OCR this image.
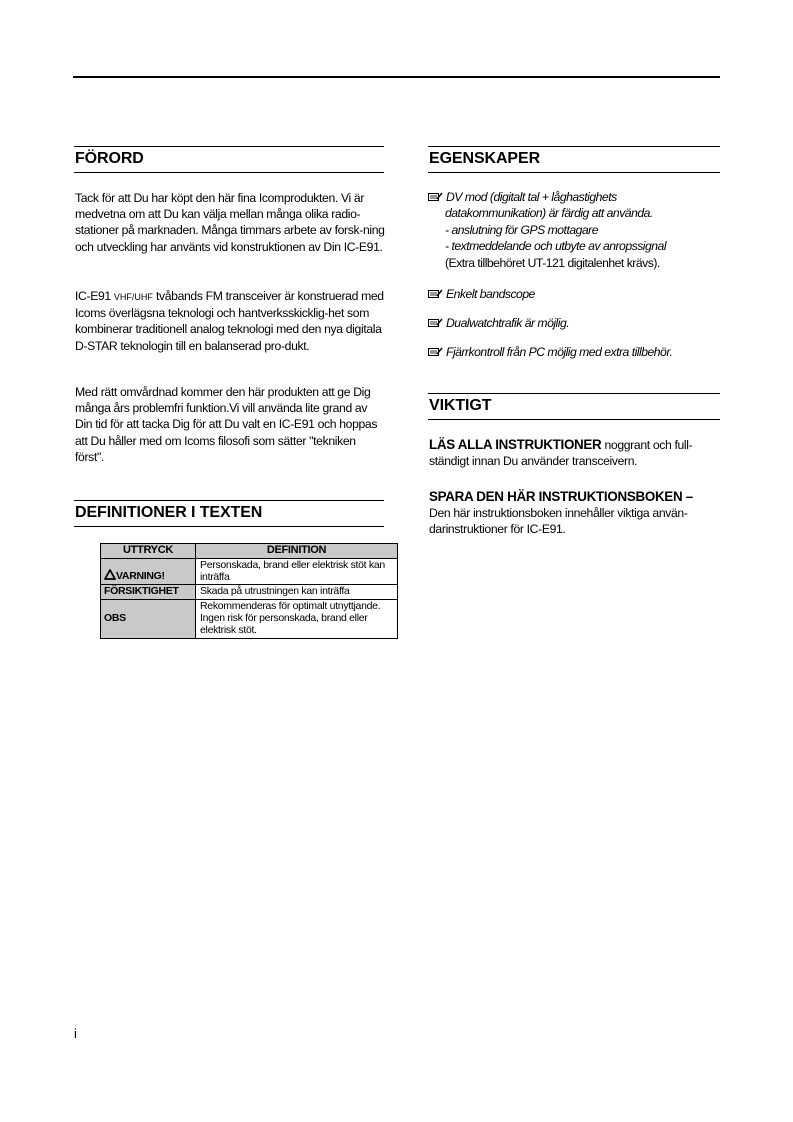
FÖRORD

Tack för att Du har köpt den här fina Icomprodukten. Vi är medvetna om att Du kan välja mellan många olika radio-stationer på marknaden. Många timmars arbete av forsk-ning och utveckling har använts vid konstruktionen av Din IC-E91.

IC-E91 VHF/UHF tvåbands FM transceiver är konstruerad med Icoms överlägsna teknologi och hantverksskicklig-het som kombinerar traditionell analog teknologi med den nya digitala D-STAR teknologin till en balanserad pro-dukt.

Med rätt omvårdnad kommer den här produkten att ge Dig många års problemfri funktion.Vi vill använda lite grand av Din tid för att tacka Dig för att Du valt en IC-E91 och hoppas att Du håller med om Icoms filosofi som sätter "tekniken först".

DEFINITIONER I TEXTEN
UTTRYCK	DEFINITION
VARNING!	Personskada, brand eller elektrisk stöt kan inträffa
FÖRSIKTIGHET	Skada på utrustningen kan inträffa
OBS	Rekommenderas för optimalt utnyttjande. Ingen risk för personskada, brand eller elektrisk stöt.
EGENSKAPER
DV mod (digitalt tal + låghastighets
datakommunikation) är färdig att använda.
- anslutning för GPS mottagare
- textmeddelande och utbyte av anropssignal
(Extra tillbehöret UT-121 digitalenhet krävs).
Enkelt bandscope
Dualwatchtrafik är möjlig.
Fjärrkontroll från PC möjlig med extra tillbehör.
VIKTIGT

LÄS ALLA INSTRUKTIONER noggrant och full-ständigt innan Du använder transceivern.

SPARA DEN HÄR INSTRUKTIONSBOKEN –

Den här instruktionsboken innehåller viktiga använ-darinstruktioner för IC-E91.

i
